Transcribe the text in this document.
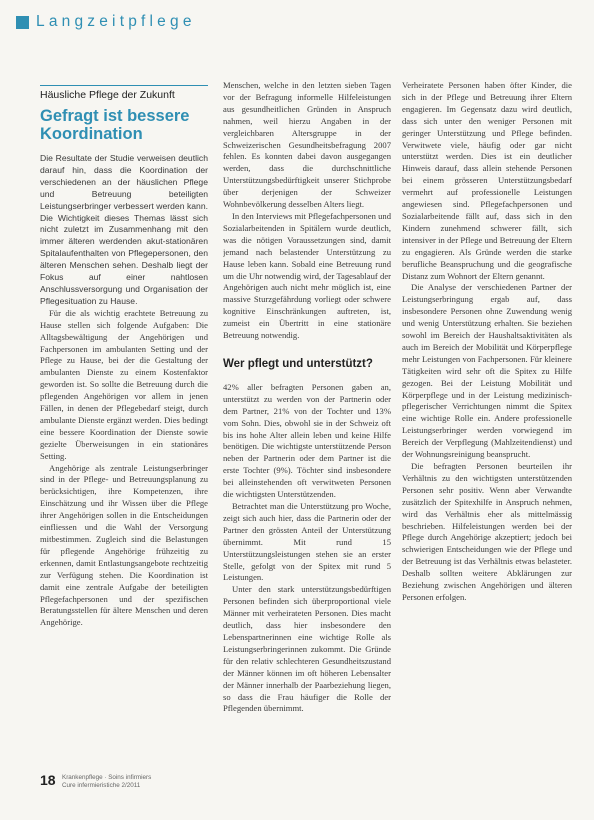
Langzeitpflege
Häusliche Pflege der Zukunft
Gefragt ist bessere Koordination

Die Resultate der Studie verweisen deutlich darauf hin, dass die Koordination der verschiedenen an der häuslichen Pflege und Betreuung beteiligten Leistungserbringer verbessert werden kann. Die Wichtigkeit dieses Themas lässt sich nicht zuletzt im Zusammenhang mit den immer älteren werdenden akut-stationären Spitalaufenthalten von Pflegepersonen, den älteren Menschen sehen. Deshalb liegt der Fokus auf einer nahtlosen Anschlussversorgung und Organisation der Pflegesituation zu Hause.

Für die als wichtig erachtete Betreuung zu Hause stellen sich folgende Aufgaben: Die Alltagsbewältigung der Angehörigen und Fachpersonen im ambulanten Setting und der Pflege zu Hause, bei der die Gestaltung der ambulanten Dienste zu einem Kostenfaktor geworden ist. So sollte die Betreuung durch die pflegenden Angehörigen vor allem in jenen Fällen, in denen der Pflegebedarf steigt, durch ambulante Dienste ergänzt werden. Dies bedingt eine bessere Koordination der Dienste sowie gezielte Überweisungen in ein stationäres Setting.

Angehörige als zentrale Leistungserbringer sind in der Pflege- und Betreuungsplanung zu berücksichtigen, ihre Kompetenzen, ihre Einschätzung und ihr Wissen über die Pflege ihrer Angehörigen sollen in die Entscheidungen einfliessen und die Wahl der Versorgung mitbestimmen. Zugleich sind die Belastungen für pflegende Angehörige frühzeitig zu erkennen, damit Entlastungsangebote rechtzeitig zur Verfügung stehen. Die Koordination ist damit eine zentrale Aufgabe der beteiligten Pflegefachpersonen und der spezifischen Beratungsstellen für ältere Menschen und deren Angehörige.

Menschen, welche in den letzten sieben Tagen vor der Befragung informelle Hilfeleistungen aus gesundheitlichen Gründen in Anspruch nahmen, weil hierzu Angaben in der vergleichbaren Altersgruppe in der Schweizerischen Gesundheitsbefragung 2007 fehlen. Es konnten dabei davon ausgegangen werden, dass die durchschnittliche Unterstützungsbedürftigkeit unserer Stichprobe über derjenigen der Schweizer Wohnbevölkerung desselben Alters liegt.

In den Interviews mit Pflegefachpersonen und Sozialarbeitenden in Spitälern wurde deutlich, was die nötigen Voraussetzungen sind, damit jemand nach belastender Unterstützung zu Hause leben kann. Sobald eine Betreuung rund um die Uhr notwendig wird, der Tagesablauf der Angehörigen auch nicht mehr möglich ist, eine massive Sturzgefährdung vorliegt oder schwere kognitive Einschränkungen auftreten, ist, zumeist ein Übertritt in eine stationäre Betreuung notwendig.

Wer pflegt und unterstützt?

42% aller befragten Personen gaben an, unterstützt zu werden von der Partnerin oder dem Partner, 21% von der Tochter und 13% vom Sohn. Dies, obwohl sie in der Schweiz oft bis ins hohe Alter allein leben und keine Hilfe benötigen. Die wichtigste unterstützende Person neben der Partnerin oder dem Partner ist die erste Tochter (9%). Töchter sind insbesondere bei alleinstehenden oft verwitweten Personen die wichtigsten Unterstützenden.

Betrachtet man die Unterstützung pro Woche, zeigt sich auch hier, dass die Partnerin oder der Partner den grössten Anteil der Unterstützung übernimmt. Mit rund 15 Unterstützungsleistungen stehen sie an erster Stelle, gefolgt von der Spitex mit rund 5 Leistungen.

Unter den stark unterstützungsbedürftigen Personen befinden sich überproportional viele Männer mit verheirateten Personen. Dies macht deutlich, dass hier insbesondere den Lebenspartnerinnen eine wichtige Rolle als Leistungserbringerinnen zukommt. Die Gründe für den relativ schlechteren Gesundheitszustand der Männer können im oft höheren Lebensalter der Männer innerhalb der Paarbeziehung liegen, so dass die Frau häufiger die Rolle der Pflegenden übernimmt.

Verheiratete Personen haben öfter Kinder, die sich in der Pflege und Betreuung ihrer Eltern engagieren. Im Gegensatz dazu wird deutlich, dass sich unter den weniger Personen mit geringer Unterstützung und Pflege befinden. Verwitwete viele, häufig oder gar nicht unterstützt werden. Dies ist ein deutlicher Hinweis darauf, dass allein stehende Personen bei einem grösseren Unterstützungsbedarf vermehrt auf professionelle Leistungen angewiesen sind. Pflegefachpersonen und Sozialarbeitende fällt auf, dass sich in den Kindern zunehmend schwerer fällt, sich intensiver in der Pflege und Betreuung der Eltern zu engagieren. Als Gründe werden die starke berufliche Beanspruchung und die geografische Distanz zum Wohnort der Eltern genannt.

Die Analyse der verschiedenen Partner der Leistungserbringung ergab auf, dass insbesondere Personen ohne Zuwendung wenig und wenig Unterstützung erhalten. Sie beziehen sowohl im Bereich der Haushaltsaktivitäten als auch im Bereich der Mobilität und Körperpflege mehr Leistungen von Fachpersonen. Für kleinere Tätigkeiten wird sehr oft die Spitex zu Hilfe gezogen. Bei der Leistung Mobilität und Körperpflege und in der Leistung medizinisch-pflegerischer Verrichtungen nimmt die Spitex eine wichtige Rolle ein. Andere professionelle Leistungserbringer werden vorwiegend im Bereich der Verpflegung (Mahlzeitendienst) und der Wohnungsreinigung beansprucht.

Die befragten Personen beurteilen ihr Verhältnis zu den wichtigsten unterstützenden Personen sehr positiv. Wenn aber Verwandte zusätzlich der Spitexhilfe in Anspruch nehmen, wird das Verhältnis eher als mittelmässig beschrieben. Hilfeleistungen werden bei der Pflege durch Angehörige akzeptiert; jedoch bei schwierigen Entscheidungen wie der Pflege und der Betreuung ist das Verhältnis etwas belasteter. Deshalb sollten weitere Abklärungen zur Beziehung zwischen Angehörigen und älteren Personen erfolgen.

18 Krankenpflege · Soins infirmiers
Cure infermieristiche 2/2011
